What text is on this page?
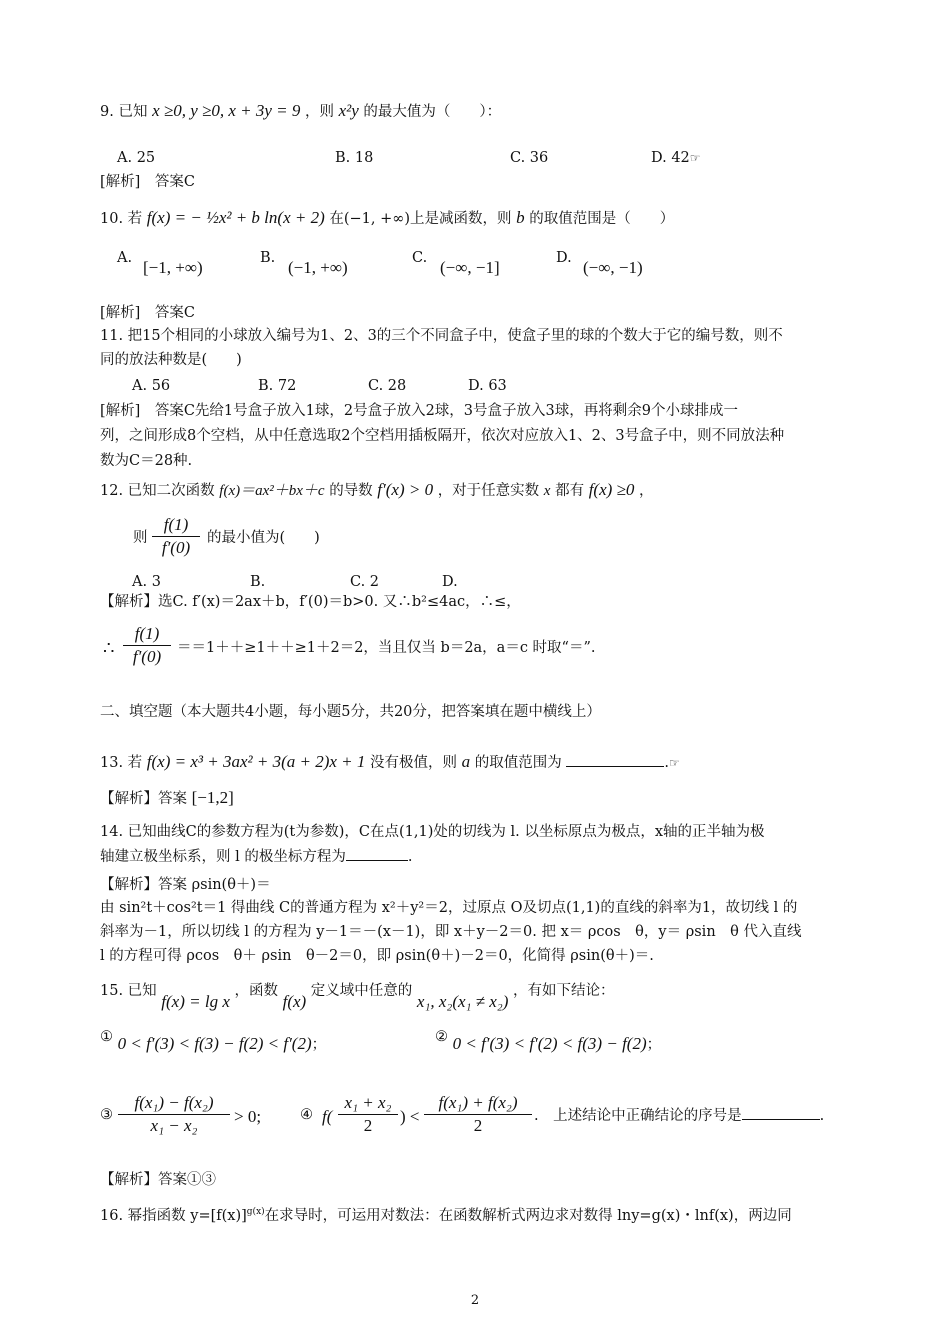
9. 已知 x ≥0, y ≥0, x + 3y = 9 ，则 x²y 的最大值为（　　）：
A. 25	B. 18	C. 36	D. 42☞
[解析]　答案C
10. 若 f(x) = − ½x² + b ln(x + 2) 在(−1, +∞)上是减函数，则 b 的取值范围是（　　）
A. [−1, +∞)	B. (−1, +∞)	C. (−∞, −1]	D. (−∞, −1)
[解析]　答案C
11. 把15个相同的小球放入编号为1、2、3的三个不同盒子中，使盒子里的球的个数大于它的编号数，则不
同的放法种数是(　　)
A. 56	B. 72	C. 28	D. 63
[解析]　答案C先给1号盒子放入1球，2号盒子放入2球，3号盒子放入3球，再将剩余9个小球排成一
列，之间形成8个空档，从中任意选取2个空档用插板隔开，依次对应放入1、2、3号盒子中，则不同放法种
数为C＝28种.
12. 已知二次函数 f(x)＝ax²＋bx＋c 的导数 f′(x) > 0 ，对于任意实数 x 都有 f(x) ≥0 ，
则 $\frac{f(1)}{f'(0)}$ 的最小值为(　　)
A. 3	B.	C. 2	D.
【解析】选C. f′(x)＝2ax＋b，f′(0)＝b>0. 又∴b²≤4ac，∴≤，
∴ $\frac{f(1)}{f'(0)} ==1++\ge 1++\ge 1+2=2$，当且仅当 b＝2a，a＝c 时取“＝”.
二、填空题（本大题共4小题，每小题5分，共20分，把答案填在题中横线上）
13. 若 f(x) = x³ + 3ax² + 3(a + 2)x + 1 没有极值，则 a 的取值范围为	.☞
【解析】答案 [−1,2]
14. 已知曲线C的参数方程为(t为参数)，C在点(1,1)处的切线为 l. 以坐标原点为极点，x轴的正半轴为极
轴建立极坐标系，则 l 的极坐标方程为	.
【解析】答案 ρsin(θ＋)＝
由 sin²t＋cos²t＝1 得曲线 C的普通方程为 x²＋y²＝2，过原点 O及切点(1,1)的直线的斜率为1，故切线 l 的
斜率为－1，所以切线 l 的方程为 y－1＝－(x－1)，即 x＋y－2＝0. 把 x＝ ρcos　θ，y＝ ρsin　θ 代入直线
l 的方程可得 ρcos　θ＋ ρsin　θ－2＝0，即 ρsin(θ＋)－2＝0，化简得 ρsin(θ＋)＝.
15. 已知 f(x) = lg x ，函数 f(x) 定义域中任意的 x₁, x₂(x₁ ≠ x₂) ，有如下结论：
① 0 < f′(3) < f(3) − f(2) < f′(2)；	② 0 < f′(3) < f′(2) < f(3) − f(2)；
③ $\frac{\text{f(x₁) − f(x₂)}}{\text{x₁ − x₂}} > 0$;	④ $f( \frac{\text{x₁ + x₂}}{2}$ ) < $\frac{\text{f(x₁) + f(x₂)}}{2}$ .　上述结论中正确结论的序号是	.
【解析】答案①③
16. 幂指函数 $y=[f(x)]^{g(x)}$在求导时，可运用对数法：在函数解析式两边求对数得 lny=g(x)・lnf(x)，两边同
2
